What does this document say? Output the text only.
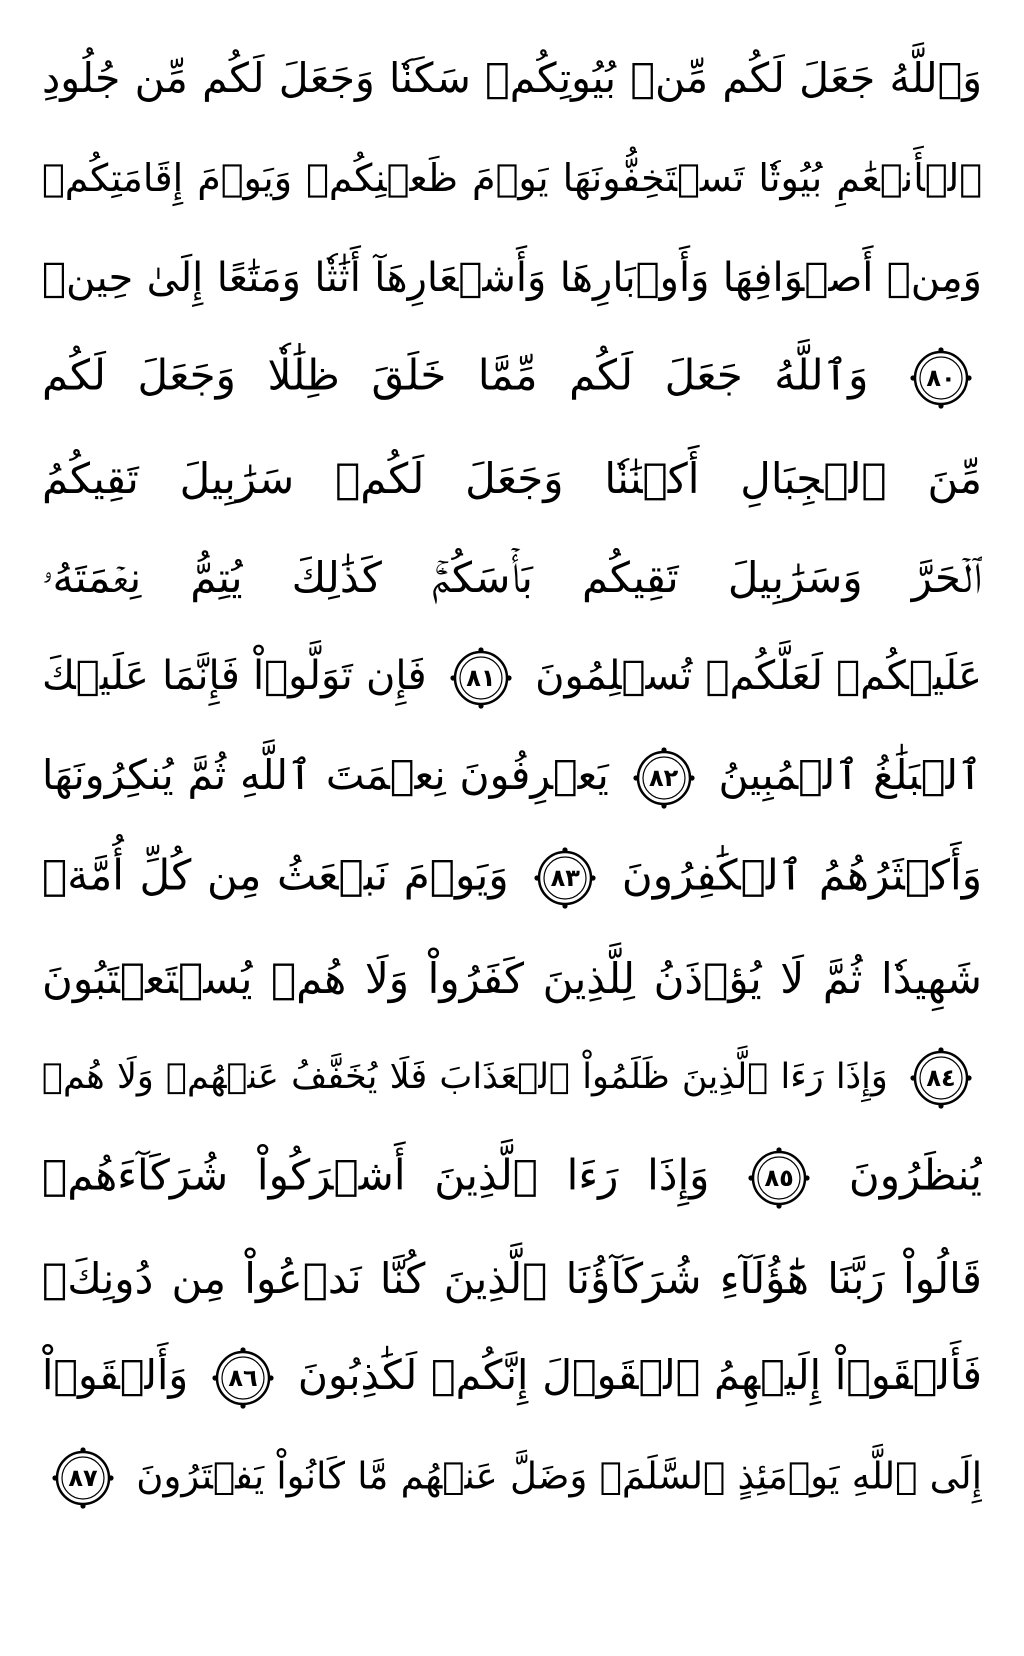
وَٱللَّهُ جَعَلَ لَكُم مِّنۢ بُيُوتِكُمۡ سَكَنٗا وَجَعَلَ لَكُم مِّن جُلُودِ
ٱلۡأَنۡعَٰمِ بُيُوتٗا تَسۡتَخِفُّونَهَا يَوۡمَ ظَعۡنِكُمۡ وَيَوۡمَ إِقَامَتِكُمۡ
وَمِنۡ أَصۡوَافِهَا وَأَوۡبَارِهَا وَأَشۡعَارِهَآ أَثَٰثٗا وَمَتَٰعًا إِلَىٰ حِينٖ
٨٠
وَٱللَّهُ جَعَلَ لَكُم مِّمَّا خَلَقَ ظِلَٰلٗا وَجَعَلَ لَكُم
مِّنَ ٱلۡجِبَالِ أَكۡنَٰنٗا وَجَعَلَ لَكُمۡ سَرَٰبِيلَ تَقِيكُمُ
ٱلۡحَرَّ وَسَرَٰبِيلَ تَقِيكُم بَأۡسَكُمۡۚ كَذَٰلِكَ يُتِمُّ نِعۡمَتَهُۥ
عَلَيۡكُمۡ لَعَلَّكُمۡ تُسۡلِمُونَ
٨١
فَإِن تَوَلَّوۡاْ فَإِنَّمَا عَلَيۡكَ
ٱلۡبَلَٰغُ ٱلۡمُبِينُ
٨٢
يَعۡرِفُونَ نِعۡمَتَ ٱللَّهِ ثُمَّ يُنكِرُونَهَا
وَأَكۡثَرُهُمُ ٱلۡكَٰفِرُونَ
٨٣
وَيَوۡمَ نَبۡعَثُ مِن كُلِّ أُمَّةٖ
شَهِيدٗا ثُمَّ لَا يُؤۡذَنُ لِلَّذِينَ كَفَرُواْ وَلَا هُمۡ يُسۡتَعۡتَبُونَ
٨٤
وَإِذَا رَءَا ٱلَّذِينَ ظَلَمُواْ ٱلۡعَذَابَ فَلَا يُخَفَّفُ عَنۡهُمۡ وَلَا هُمۡ
يُنظَرُونَ
٨٥
وَإِذَا رَءَا ٱلَّذِينَ أَشۡرَكُواْ شُرَكَآءَهُمۡ
قَالُواْ رَبَّنَا هَٰٓؤُلَآءِ شُرَكَآؤُنَا ٱلَّذِينَ كُنَّا نَدۡعُواْ مِن دُونِكَۖ
فَأَلۡقَوۡاْ إِلَيۡهِمُ ٱلۡقَوۡلَ إِنَّكُمۡ لَكَٰذِبُونَ
٨٦
وَأَلۡقَوۡاْ
إِلَى ٱللَّهِ يَوۡمَئِذٍ ٱلسَّلَمَۖ وَضَلَّ عَنۡهُم مَّا كَانُواْ يَفۡتَرُونَ
٨٧
